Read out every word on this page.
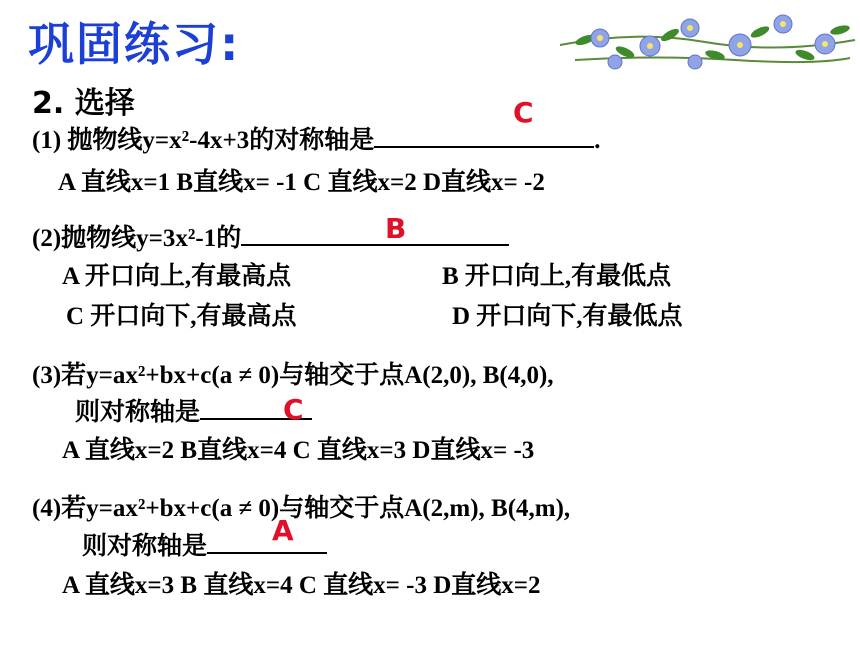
巩固练习:
2. 选择
(1) 抛物线y=x²-4x+3的对称轴是	.
C
A 直线x=1 B直线x= -1 C 直线x=2 D直线x= -2
(2)抛物线y=3x²-1的	B
A 开口向上,有最高点	B 开口向上,有最低点
C 开口向下,有最高点	D 开口向下,有最低点
(3)若y=ax²+bx+c(a ≠ 0)与轴交于点A(2,0), B(4,0),
则对称轴是	C
A 直线x=2 B直线x=4 C 直线x=3 D直线x= -3
(4)若y=ax²+bx+c(a ≠ 0)与轴交于点A(2,m), B(4,m),
则对称轴是	A
A 直线x=3 B 直线x=4 C 直线x= -3 D直线x=2
